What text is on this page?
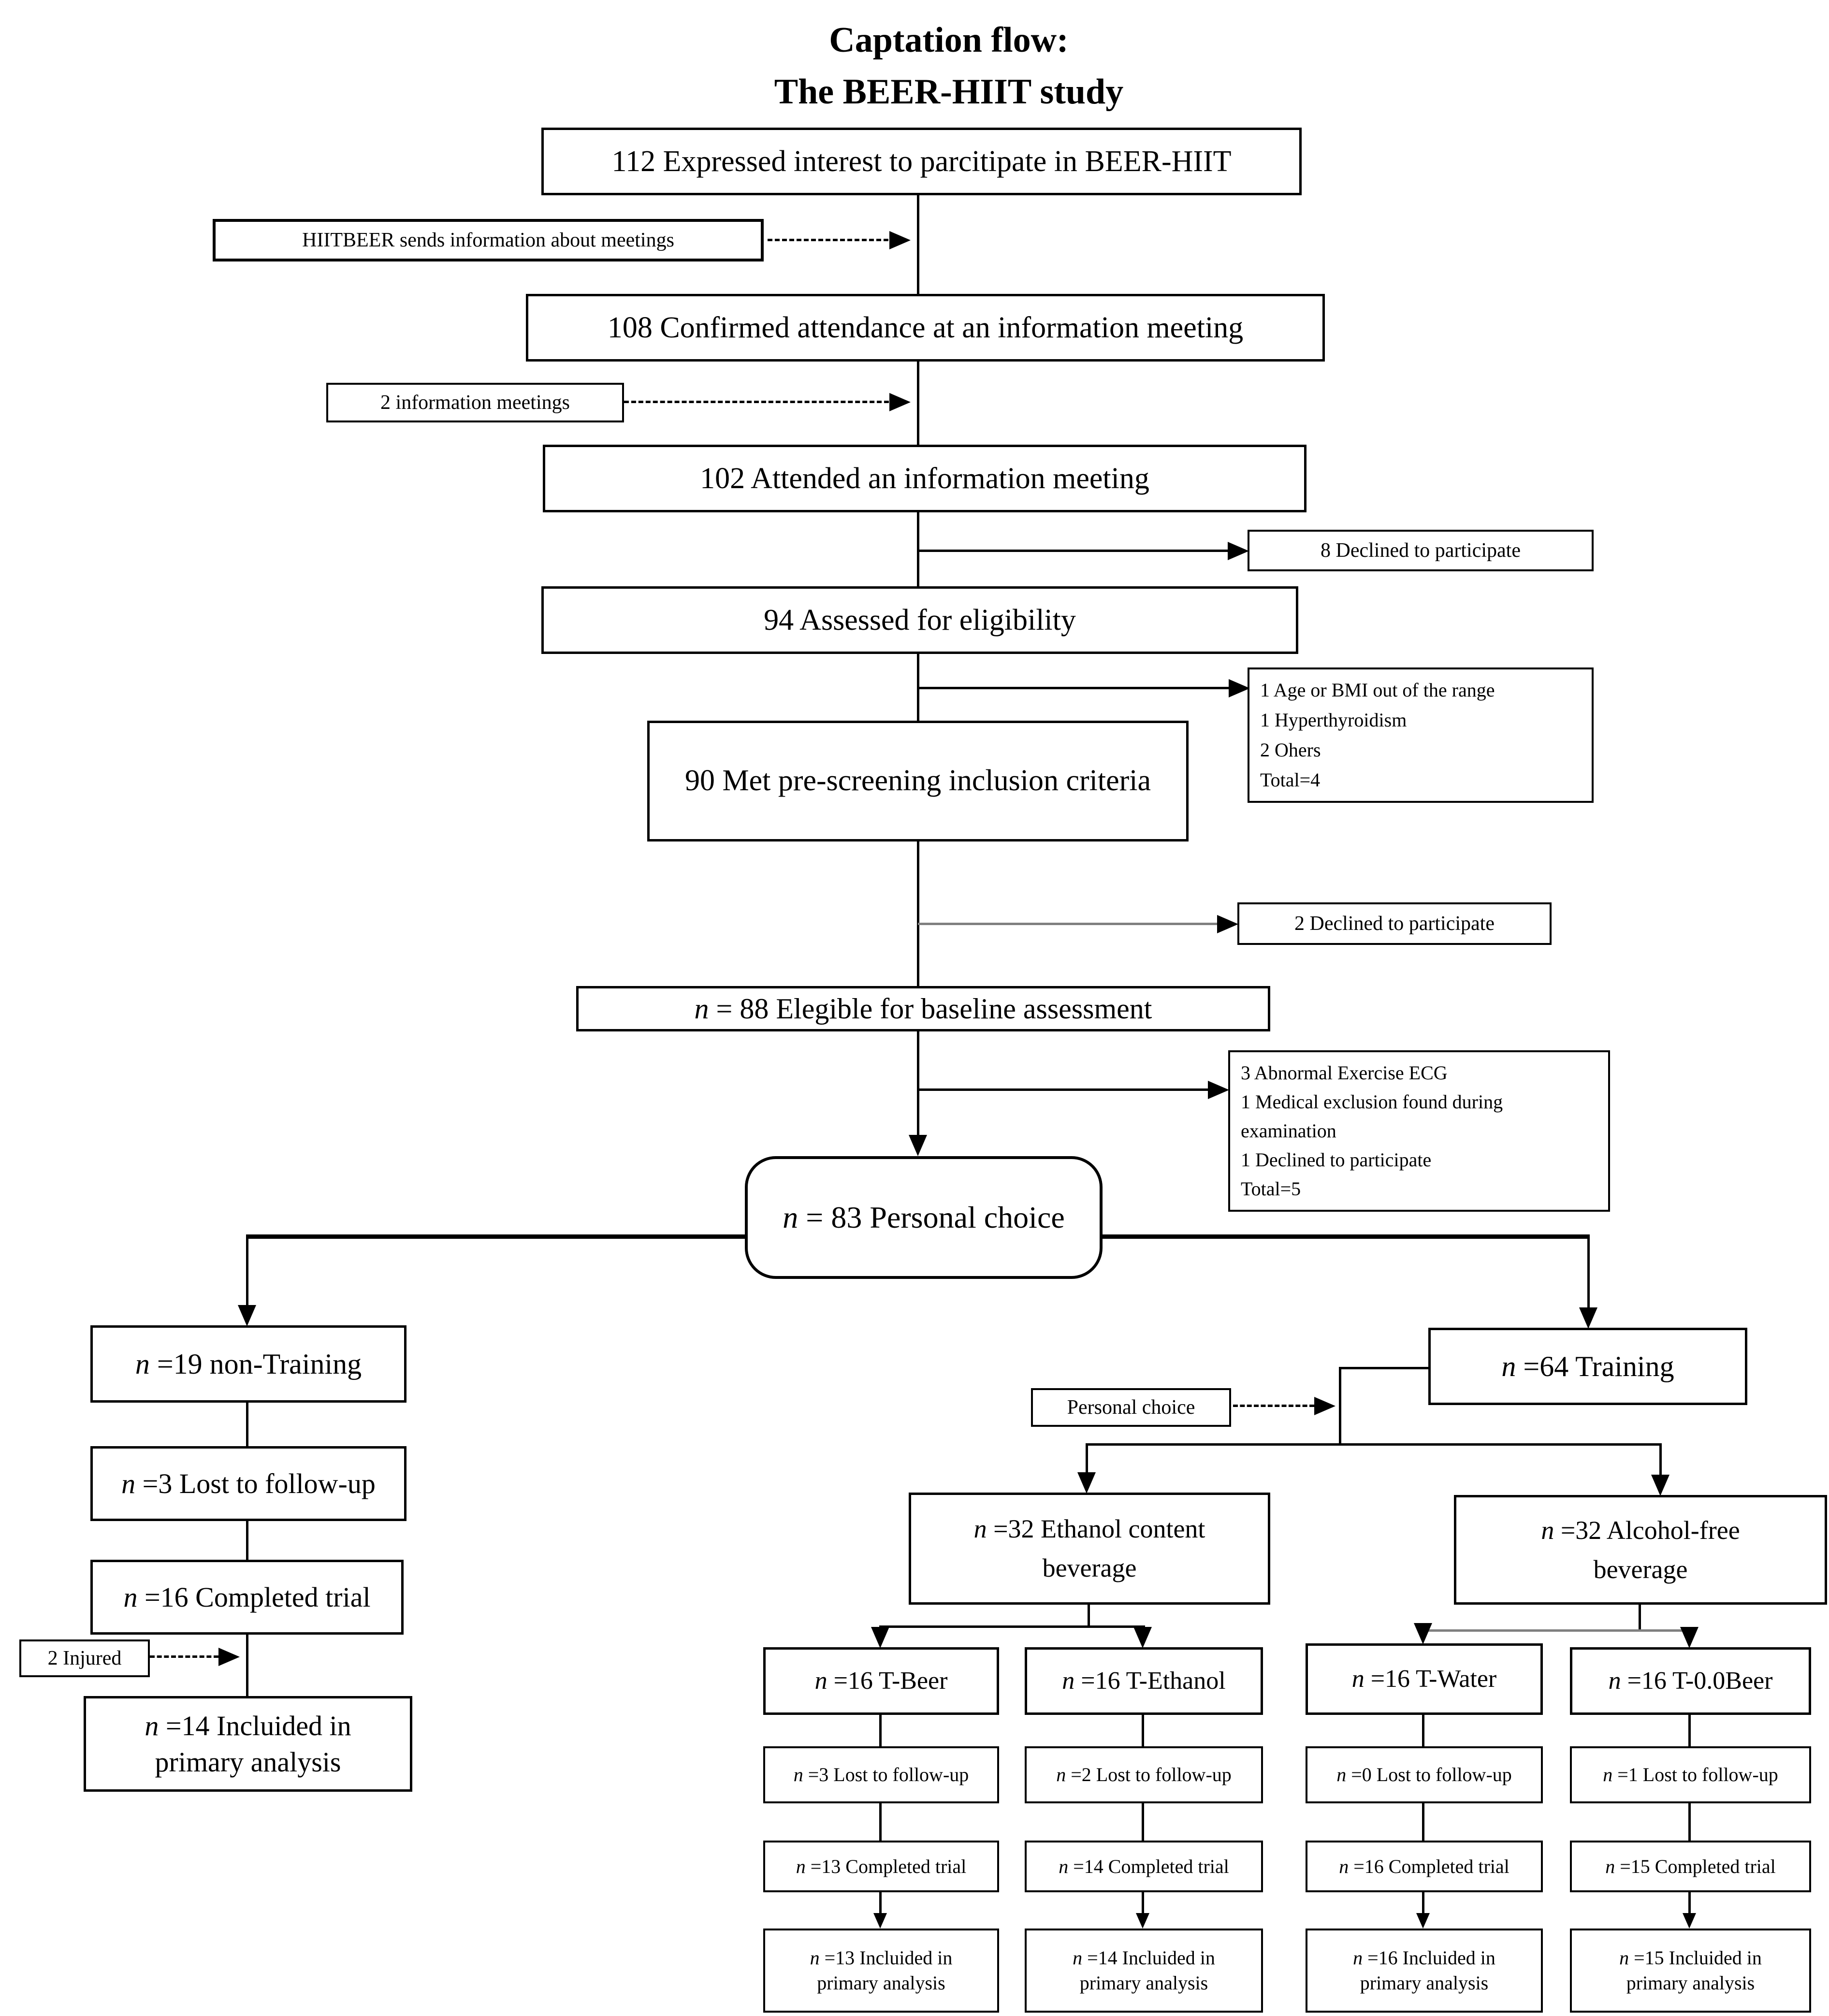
Captation flow:
The BEER-HIIT study
112 Expressed interest to parcitipate in BEER-HIIT
HIITBEER sends information about meetings
108 Confirmed attendance at an information meeting
2 information meetings
102 Attended an information meeting
8 Declined to participate
94 Assessed for eligibility
1 Age or BMI out of the range
1 Hyperthyroidism
2 Ohers
Total=4
90 Met pre-screening inclusion criteria
2 Declined to participate
n = 88 Elegible for baseline assessment
3 Abnormal Exercise ECG
1 Medical exclusion found during examination
1 Declined to participate
Total=5
n = 83 Personal choice
n =19 non-Training
n =3 Lost to follow-up
n =16 Completed trial
2 Injured
n =14 Incluided in
primary analysis
n =64 Training
Personal choice
n =32 Ethanol content
beverage
n =32 Alcohol-free
beverage
n =16 T-Beer
n =3 Lost to follow-up
n =13 Completed trial
n =13 Incluided in
primary analysis
n =16 T-Ethanol
n =2 Lost to follow-up
n =14 Completed trial
n =14 Incluided in
primary analysis
n =16 T-Water
n =0 Lost to follow-up
n =16 Completed trial
n =16 Incluided in
primary analysis
n =16 T-0.0Beer
n =1 Lost to follow-up
n =15 Completed trial
n =15 Incluided in
primary analysis
